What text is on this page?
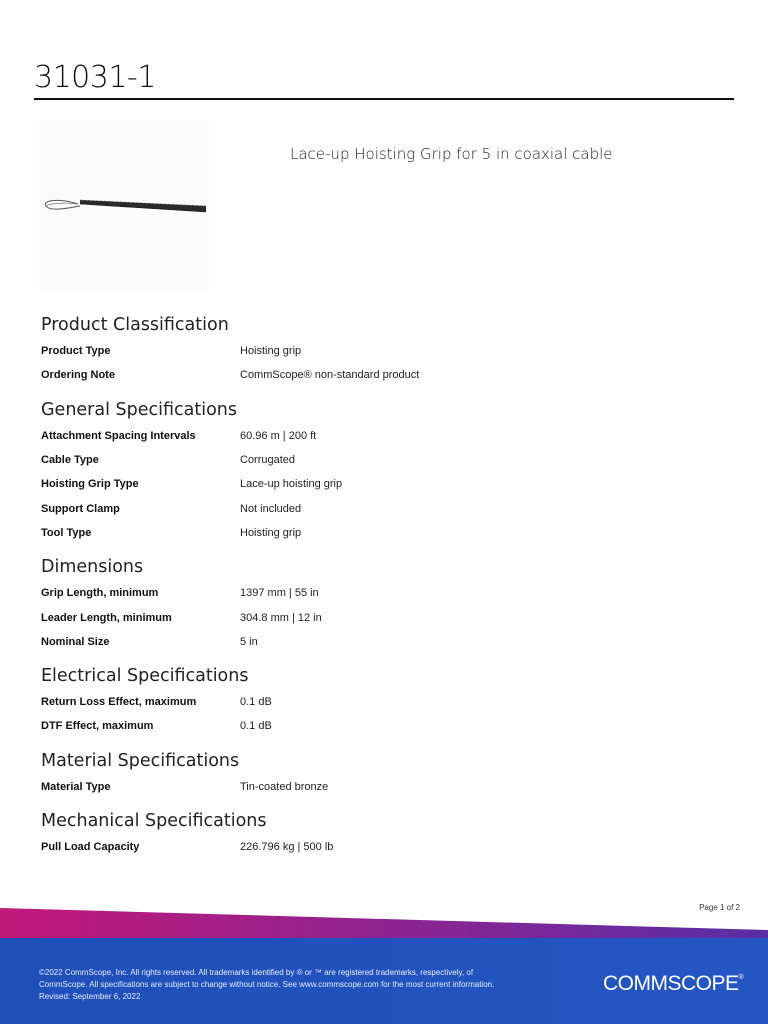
31031-1
Lace-up Hoisting Grip for 5 in coaxial cable
Product Classification
Product Type	Hoisting grip
Ordering Note	CommScope® non-standard product
General Specifications
Attachment Spacing Intervals	60.96 m | 200 ft
Cable Type	Corrugated
Hoisting Grip Type	Lace-up hoisting grip
Support Clamp	Not included
Tool Type	Hoisting grip
Dimensions
Grip Length, minimum	1397 mm | 55 in
Leader Length, minimum	304.8 mm | 12 in
Nominal Size	5 in
Electrical Specifications
Return Loss Effect, maximum	0.1 dB
DTF Effect, maximum	0.1 dB
Material Specifications
Material Type	Tin-coated bronze
Mechanical Specifications
Pull Load Capacity	226.796 kg | 500 lb
Page 1 of 2
©2022 CommScope, Inc. All rights reserved. All trademarks identified by ® or ™ are registered trademarks, respectively, of CommScope. All specifications are subject to change without notice. See www.commscope.com for the most current information. Revised: September 6, 2022
COMMSCOPE®
